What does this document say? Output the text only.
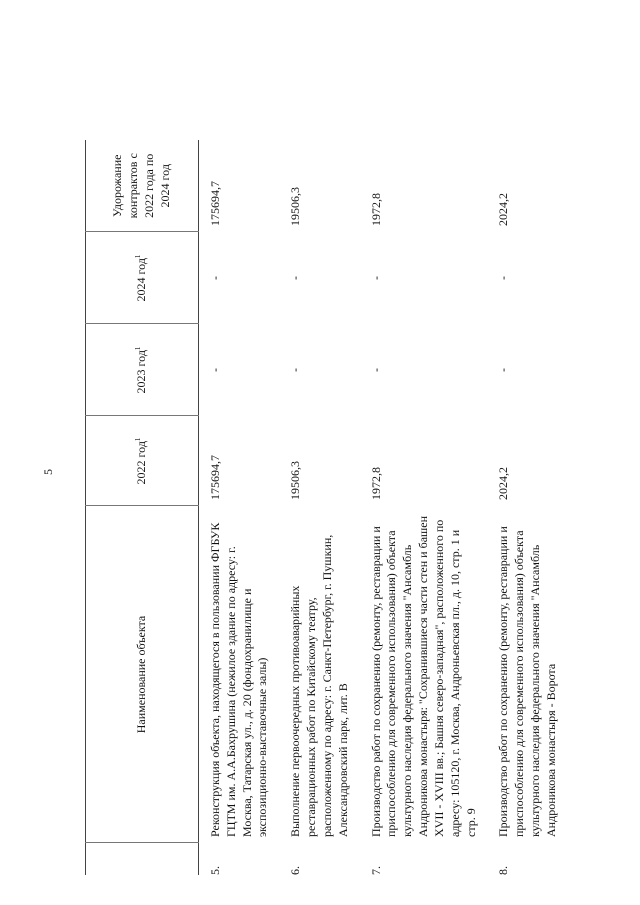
5
	Наименование объекта	2022 год$^1$	2023 год$^1$	2024 год$^1$	Удорожание контрактов с 2022 года по 2024 год
5.	Реконструкция объекта, находящегося в пользовании ФГБУК ГЦТМ им. А.А.Бахрушина (нежилое здание по адресу: г. Москва, Татарская ул., д. 20 (фондохранилище и экспозиционно-выставочные залы)	175694,7	-	-	175694,7
6.	Выполнение первоочередных противоаварийных реставрационных работ по Китайскому театру, расположенному по адресу: г. Санкт-Петербург, г. Пушкин, Александровский парк, лит. В	19506,3	-	-	19506,3
7.	Производство работ по сохранению (ремонту, реставрации и приспособлению для современного использования) объекта культурного наследия федерального значения "Ансамбль Андроникова монастыря: "Сохранившиеся части стен и башен XVII - XVIII вв.; Башня северо-западная", расположенного по адресу: 105120, г. Москва, Андроньевская пл., д. 10, стр. 1 и стр. 9	1972,8	-	-	1972,8
8.	Производство работ по сохранению (ремонту, реставрации и приспособлению для современного использования) объекта культурного наследия федерального значения "Ансамбль Андроникова монастыря - Ворота	2024,2	-	-	2024,2
